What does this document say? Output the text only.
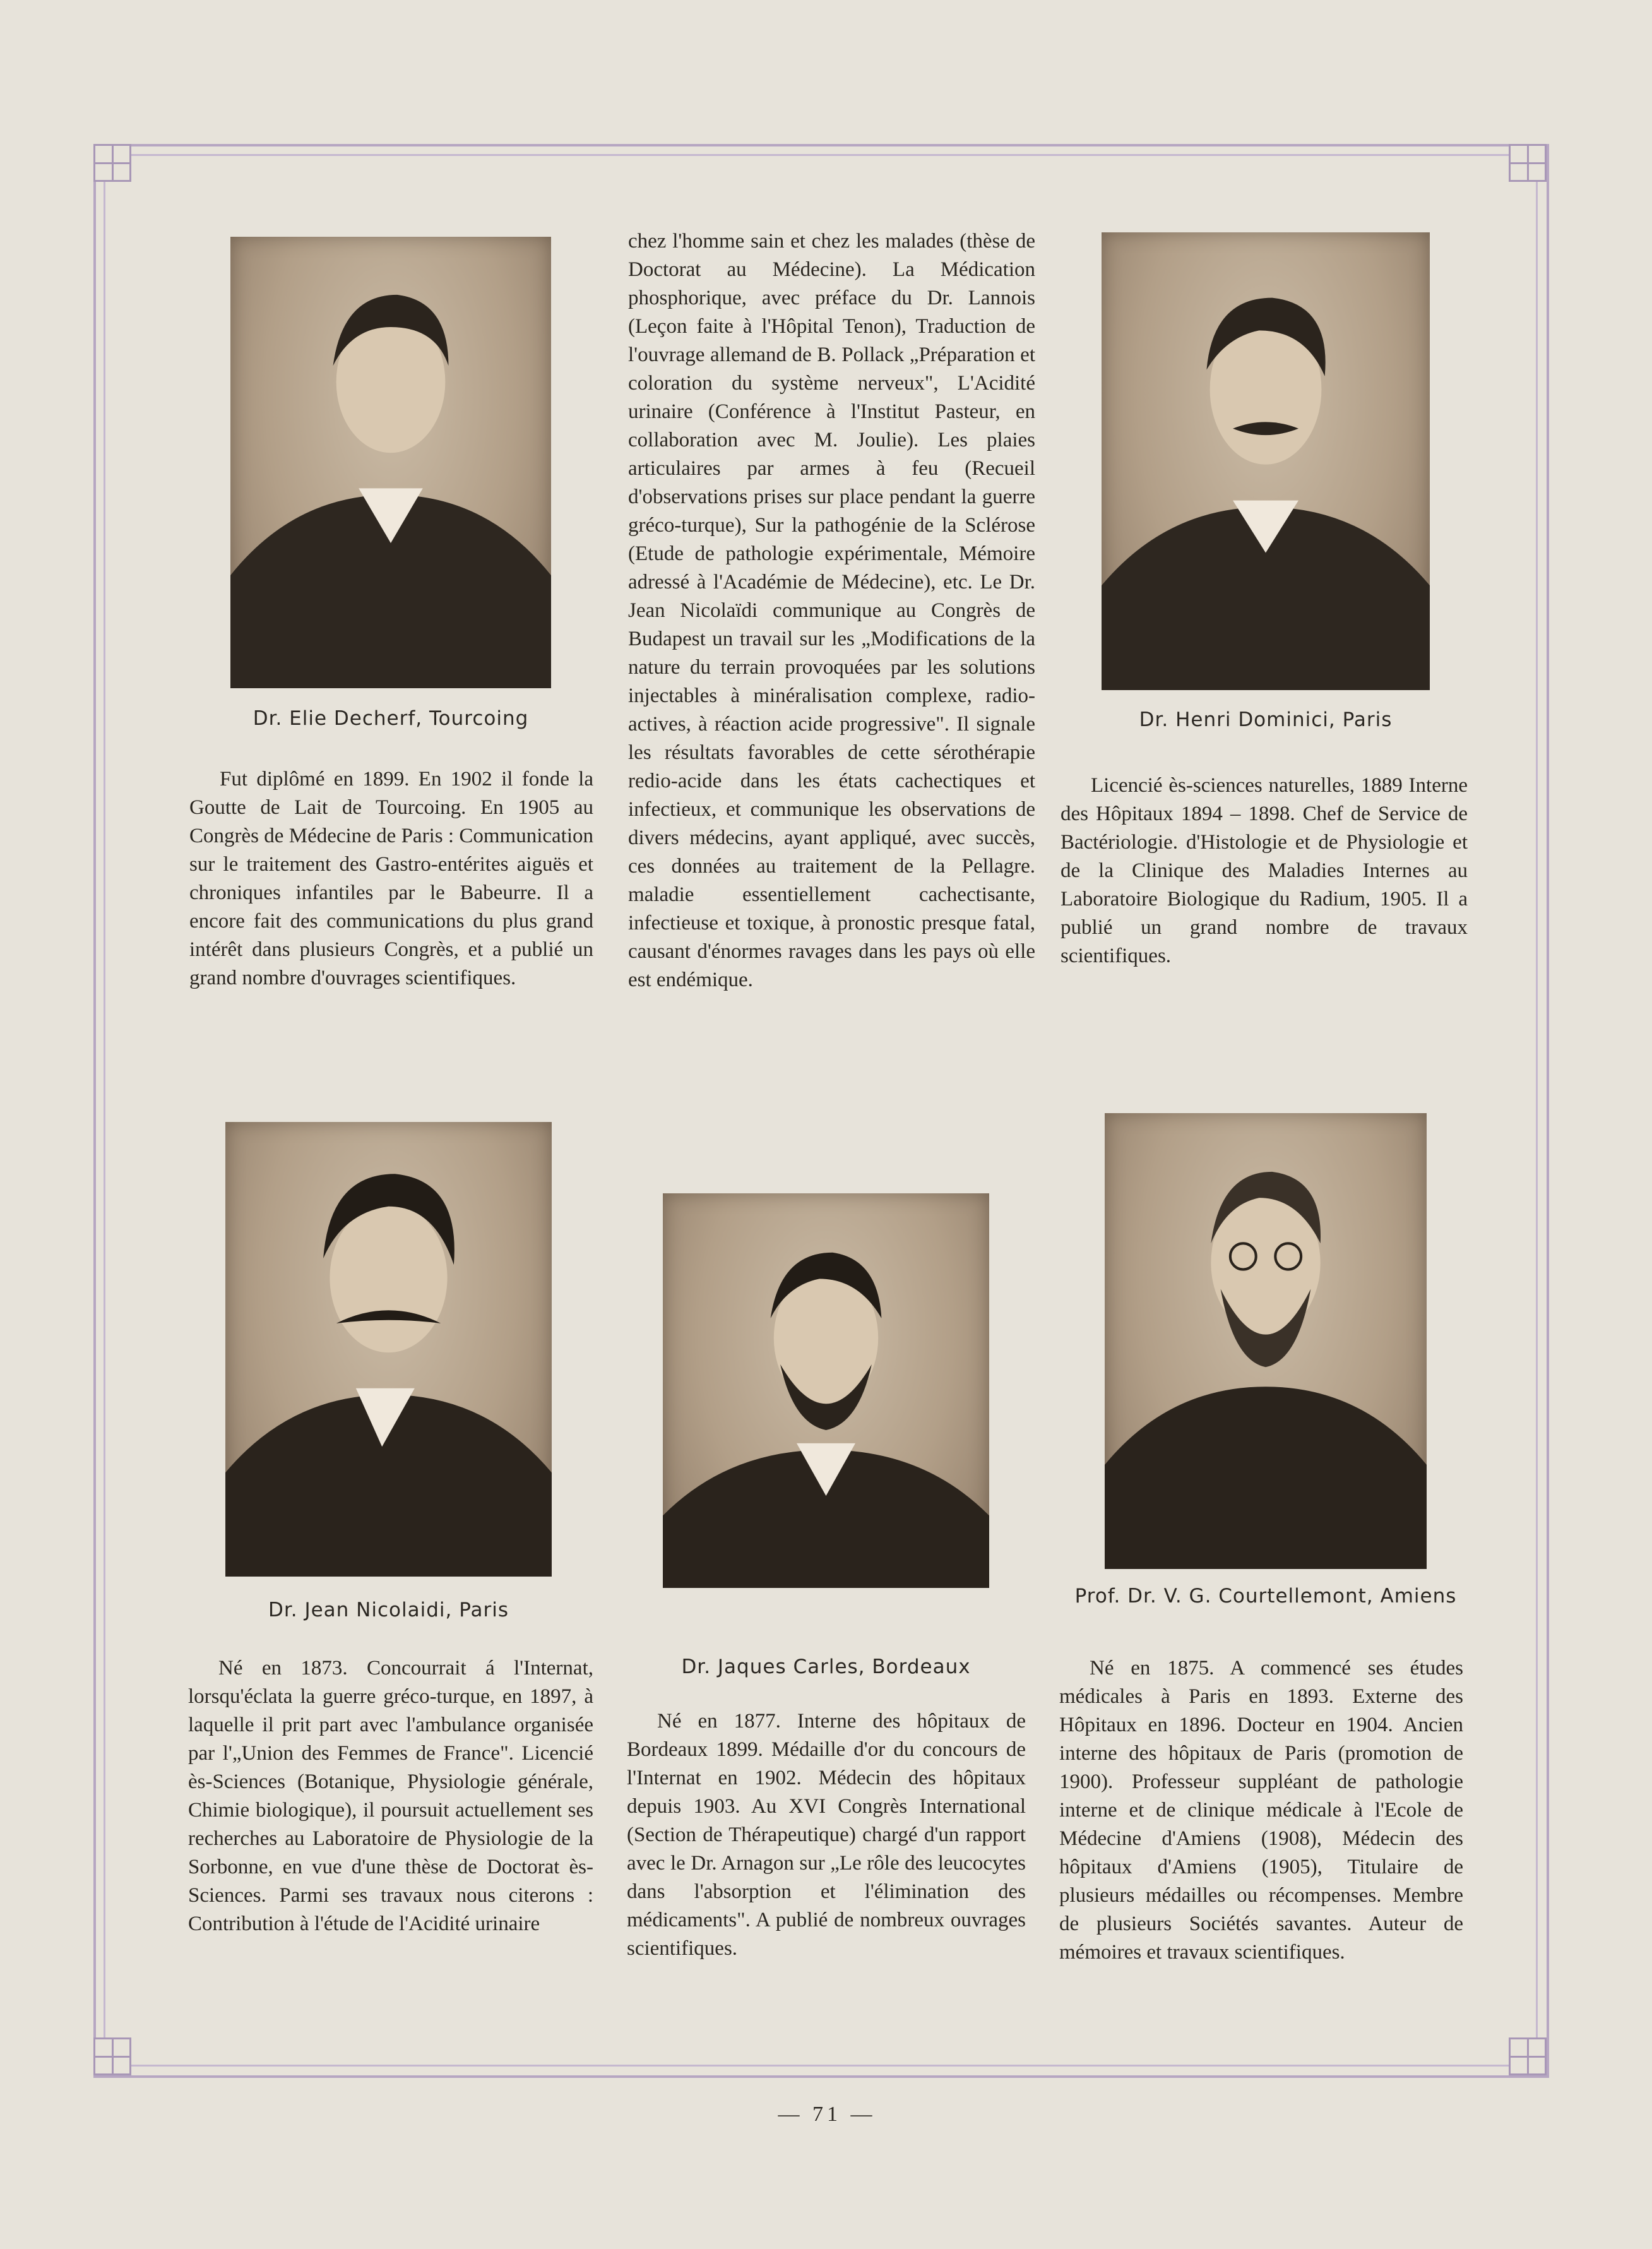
Dr. Elie Decherf, Tourcoing	Dr. Henri Dominici, Paris
Dr. Jean Nicolaidi, Paris
Dr. Jaques Carles, Bordeaux
Prof. Dr. V. G. Courtellemont, Amiens
Fut diplômé en 1899. En 1902 il fonde la Goutte de Lait de Tourcoing. En 1905 au Congrès de Médecine de Paris : Communication sur le traitement des Gastro-entérites aiguës et chroniques infantiles par le Babeurre. Il a encore fait des communications du plus grand intérêt dans plusieurs Congrès, et a publié un grand nombre d'ouvrages scientifiques.
chez l'homme sain et chez les malades (thèse de Doctorat au Médecine). La Médication phosphorique, avec préface du Dr. Lannois (Leçon faite à l'Hôpital Tenon), Traduction de l'ouvrage allemand de B. Pollack „Préparation et coloration du système nerveux", L'Acidité urinaire (Conférence à l'Institut Pasteur, en collaboration avec M. Joulie). Les plaies articulaires par armes à feu (Recueil d'observations prises sur place pendant la guerre gréco-turque), Sur la pathogénie de la Sclérose (Etude de pathologie expérimentale, Mémoire adressé à l'Académie de Médecine), etc. Le Dr. Jean Nicolaïdi communique au Congrès de Budapest un travail sur les „Modifications de la nature du terrain provoquées par les solutions injectables à minéralisation complexe, radio-actives, à réaction acide progressive". Il signale les résultats favorables de cette sérothérapie redio-acide dans les états cachectiques et infectieux, et communique les observations de divers médecins, ayant appliqué, avec succès, ces données au traitement de la Pellagre. maladie essentiellement cachectisante, infectieuse et toxique, à pronostic presque fatal, causant d'énormes ravages dans les pays où elle est endémique.
Licencié ès-sciences naturelles, 1889 Interne des Hôpitaux 1894 – 1898. Chef de Service de Bactériologie. d'Histologie et de Physiologie et de la Clinique des Maladies Internes au Laboratoire Biologique du Radium, 1905. Il a publié un grand nombre de travaux scientifiques.
Né en 1873. Concourrait á l'Internat, lorsqu'éclata la guerre gréco-turque, en 1897, à laquelle il prit part avec l'ambulance organisée par l'„Union des Femmes de France". Licencié ès-Sciences (Botanique, Physiologie générale, Chimie biologique), il poursuit actuellement ses recherches au Laboratoire de Physiologie de la Sorbonne, en vue d'une thèse de Doctorat ès-Sciences. Parmi ses travaux nous citerons : Contribution à l'étude de l'Acidité urinaire
Né en 1877. Interne des hôpitaux de Bordeaux 1899. Médaille d'or du concours de l'Internat en 1902. Médecin des hôpitaux depuis 1903. Au XVI Congrès International (Section de Thérapeutique) chargé d'un rapport avec le Dr. Arnagon sur „Le rôle des leucocytes dans l'absorption et l'élimination des médicaments". A publié de nombreux ouvrages scientifiques.
Né en 1875. A commencé ses études médicales à Paris en 1893. Externe des Hôpitaux en 1896. Docteur en 1904. Ancien interne des hôpitaux de Paris (promotion de 1900). Professeur suppléant de pathologie interne et de clinique médicale à l'Ecole de Médecine d'Amiens (1908), Médecin des hôpitaux d'Amiens (1905), Titulaire de plusieurs médailles ou récompenses. Membre de plusieurs Sociétés savantes. Auteur de mémoires et travaux scientifiques.
— 71 —
